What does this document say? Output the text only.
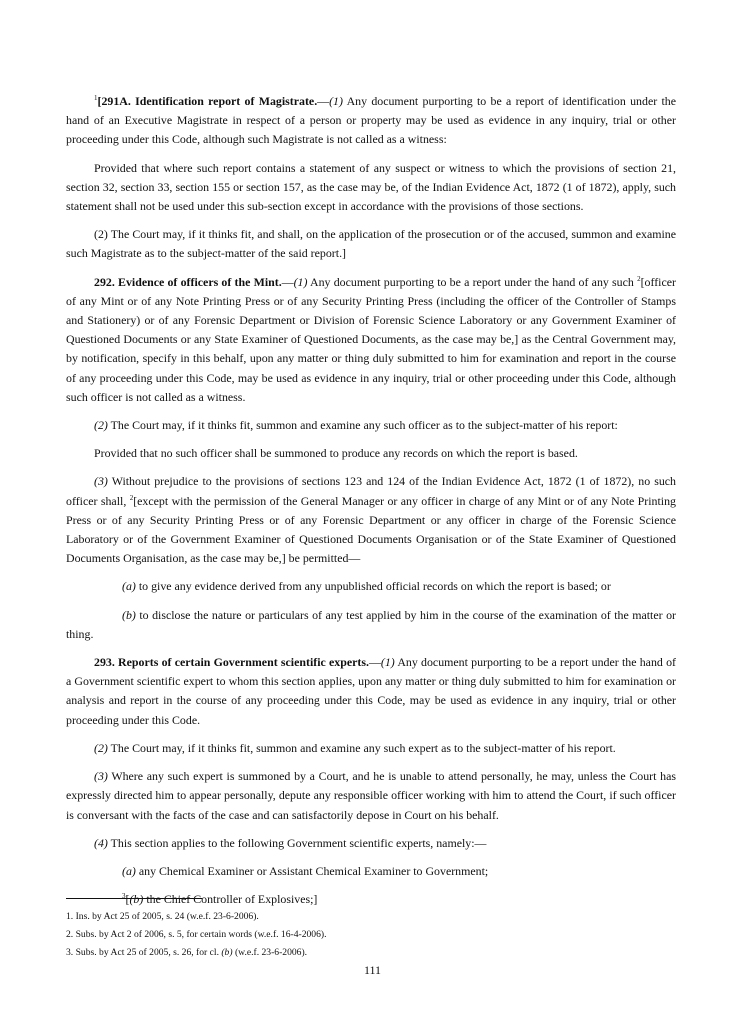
$^1$[291A. Identification report of Magistrate.—(1) Any document purporting to be a report of identification under the hand of an Executive Magistrate in respect of a person or property may be used as evidence in any inquiry, trial or other proceeding under this Code, although such Magistrate is not called as a witness:

Provided that where such report contains a statement of any suspect or witness to which the provisions of section 21, section 32, section 33, section 155 or section 157, as the case may be, of the Indian Evidence Act, 1872 (1 of 1872), apply, such statement shall not be used under this sub-section except in accordance with the provisions of those sections.

(2) The Court may, if it thinks fit, and shall, on the application of the prosecution or of the accused, summon and examine such Magistrate as to the subject-matter of the said report.]

292. Evidence of officers of the Mint.—(1) Any document purporting to be a report under the hand of any such $^2$[officer of any Mint or of any Note Printing Press or of any Security Printing Press (including the officer of the Controller of Stamps and Stationery) or of any Forensic Department or Division of Forensic Science Laboratory or any Government Examiner of Questioned Documents or any State Examiner of Questioned Documents, as the case may be,] as the Central Government may, by notification, specify in this behalf, upon any matter or thing duly submitted to him for examination and report in the course of any proceeding under this Code, may be used as evidence in any inquiry, trial or other proceeding under this Code, although such officer is not called as a witness.

(2) The Court may, if it thinks fit, summon and examine any such officer as to the subject-matter of his report:

Provided that no such officer shall be summoned to produce any records on which the report is based.

(3) Without prejudice to the provisions of sections 123 and 124 of the Indian Evidence Act, 1872 (1 of 1872), no such officer shall, $^2$[except with the permission of the General Manager or any officer in charge of any Mint or of any Note Printing Press or of any Security Printing Press or of any Forensic Department or any officer in charge of the Forensic Science Laboratory or of the Government Examiner of Questioned Documents Organisation or of the State Examiner of Questioned Documents Organisation, as the case may be,] be permitted—

(a) to give any evidence derived from any unpublished official records on which the report is based; or

(b) to disclose the nature or particulars of any test applied by him in the course of the examination of the matter or thing.

293. Reports of certain Government scientific experts.—(1) Any document purporting to be a report under the hand of a Government scientific expert to whom this section applies, upon any matter or thing duly submitted to him for examination or analysis and report in the course of any proceeding under this Code, may be used as evidence in any inquiry, trial or other proceeding under this Code.

(2) The Court may, if it thinks fit, summon and examine any such expert as to the subject-matter of his report.

(3) Where any such expert is summoned by a Court, and he is unable to attend personally, he may, unless the Court has expressly directed him to appear personally, depute any responsible officer working with him to attend the Court, if such officer is conversant with the facts of the case and can satisfactorily depose in Court on his behalf.

(4) This section applies to the following Government scientific experts, namely:—

(a) any Chemical Examiner or Assistant Chemical Examiner to Government;

$^3$[(b) the Chief Controller of Explosives;]

1. Ins. by Act 25 of 2005, s. 24 (w.e.f. 23-6-2006).

2. Subs. by Act 2 of 2006, s. 5, for certain words (w.e.f. 16-4-2006).

3. Subs. by Act 25 of 2005, s. 26, for cl. (b) (w.e.f. 23-6-2006).

111
